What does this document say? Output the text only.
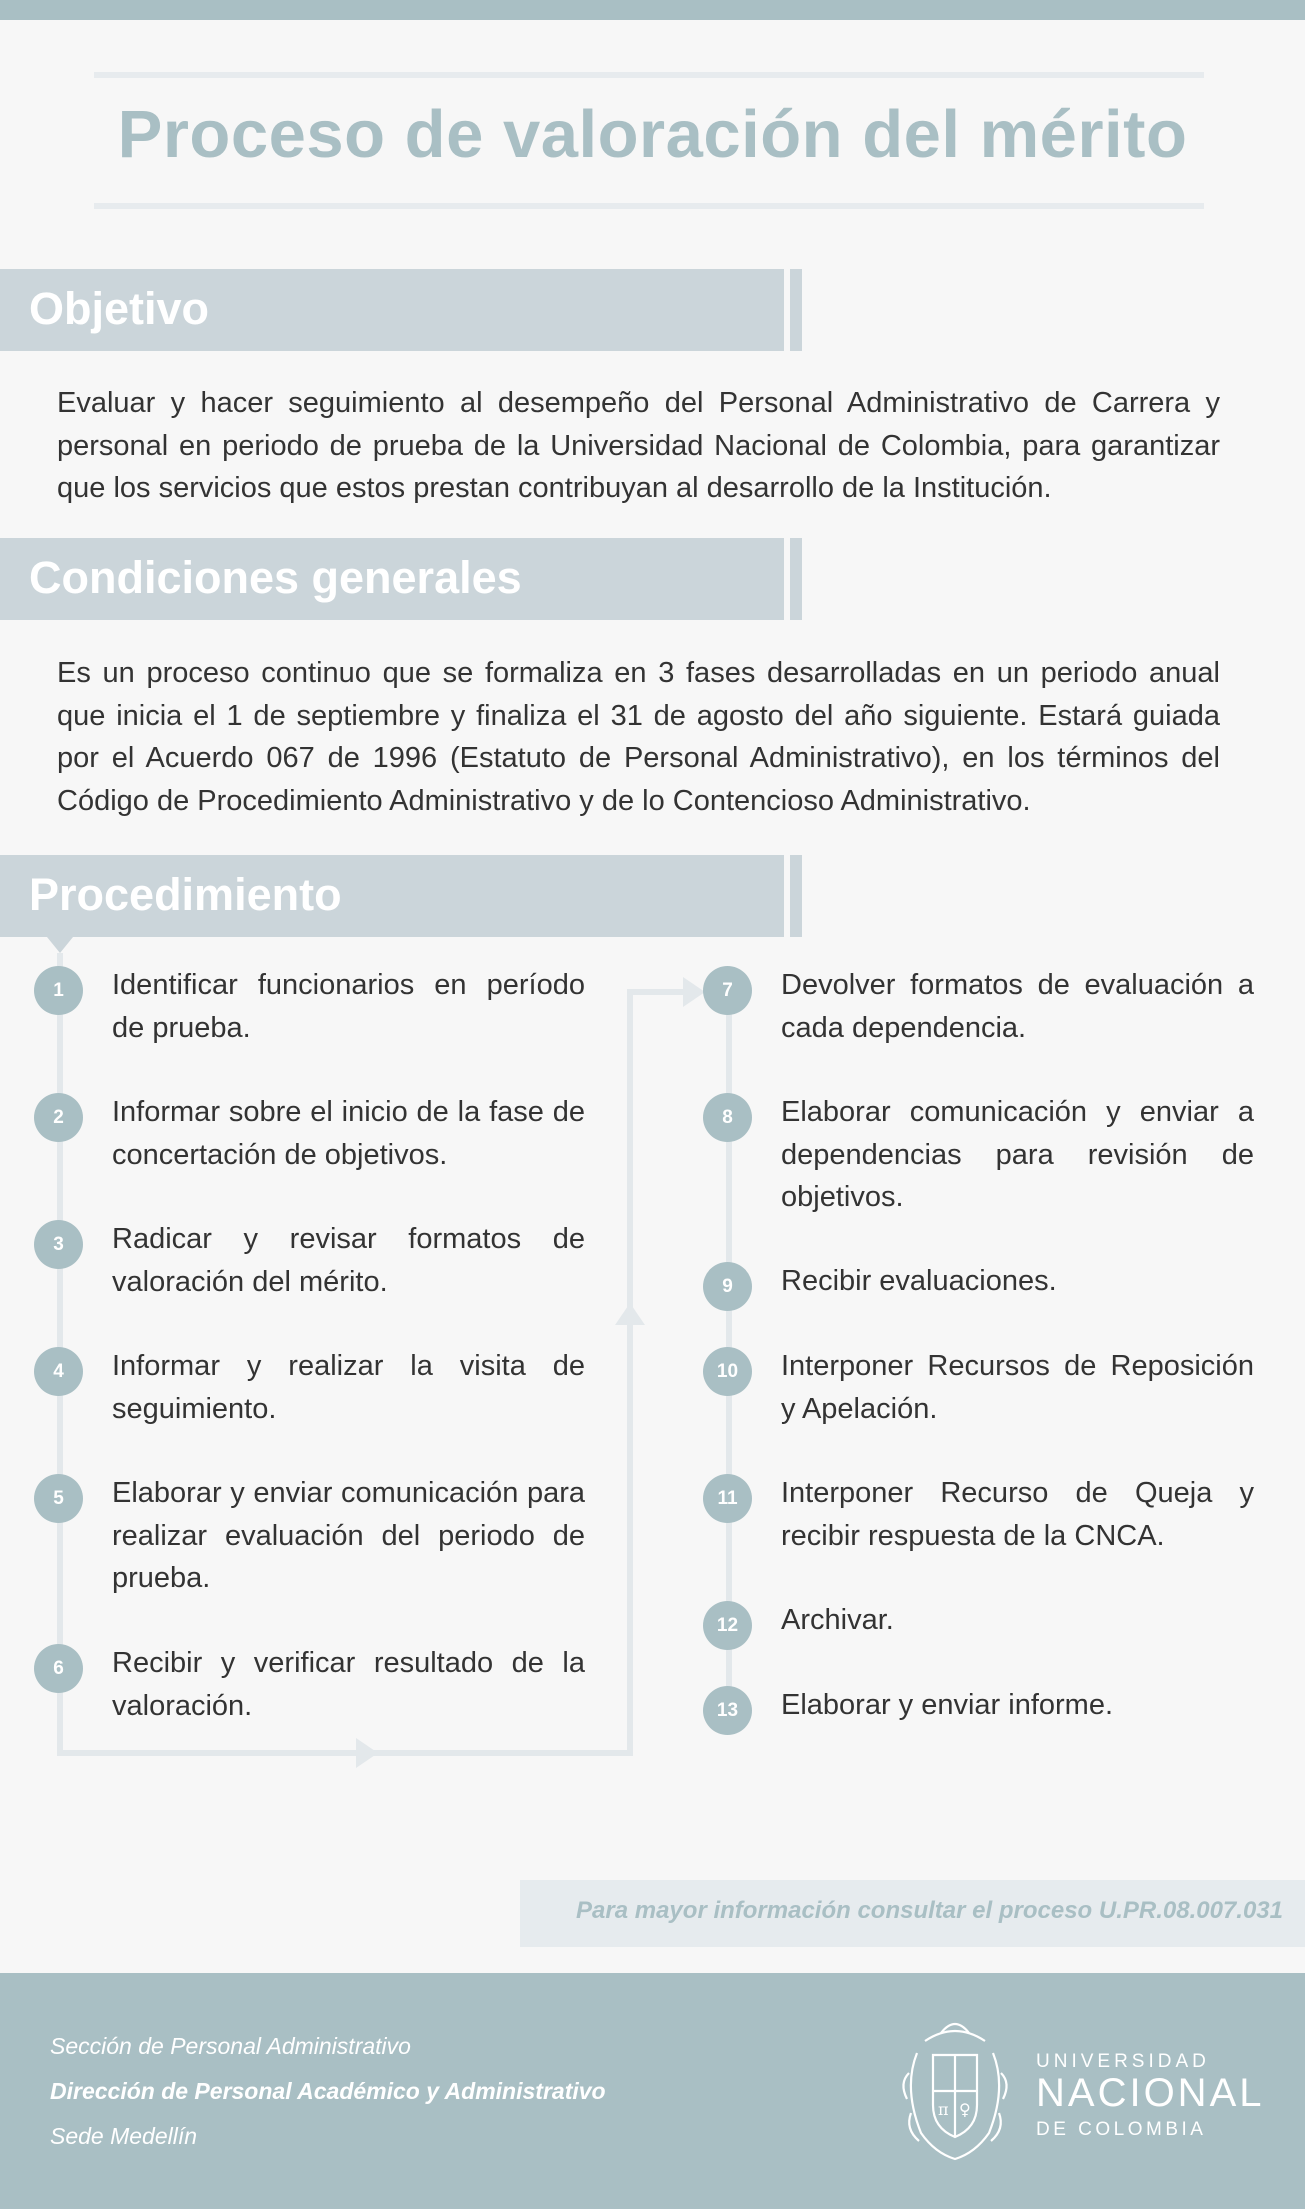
Proceso de valoración del mérito
Objetivo

Evaluar y hacer seguimiento al desempeño del Personal Administrativo de Carrera y personal en periodo de prueba de la Universidad Nacional de Colombia, para garantizar que los servicios que estos prestan contribuyan al desarrollo de la Institución.

Condiciones generales

Es un proceso continuo que se formaliza en 3 fases desarrolladas en un periodo anual que inicia el 1 de septiembre y finaliza el 31 de agosto del año siguiente. Estará guiada por el Acuerdo 067 de 1996 (Estatuto de Personal Administrativo), en los términos del Código de Procedimiento Administrativo y de lo Contencioso Administrativo.

Procedimiento
1	Identificar funcionarios en período de prueba.

2	Informar sobre el inicio de la fase de concertación de objetivos.

3	Radicar y revisar formatos de valoración del mérito.

4	Informar y realizar la visita de seguimiento.

5	Elaborar y enviar comunicación para realizar evaluación del periodo de prueba.

6	Recibir y verificar resultado de la valoración.

7	Devolver formatos de evaluación a cada dependencia.

8	Elaborar comunicación y enviar a dependencias para revisión de objetivos.

9	Recibir evaluaciones.

10	Interponer Recursos de Reposición y Apelación.

11	Interponer Recurso de Queja y recibir respuesta de la CNCA.

12	Archivar.

13	Elaborar y enviar informe.

Para mayor información consultar el proceso U.PR.08.007.031

Sección de Personal Administrativo

Dirección de Personal Académico y Administrativo

Sede Medellín

π ♀

UNIVERSIDAD

NACIONAL

DE COLOMBIA
